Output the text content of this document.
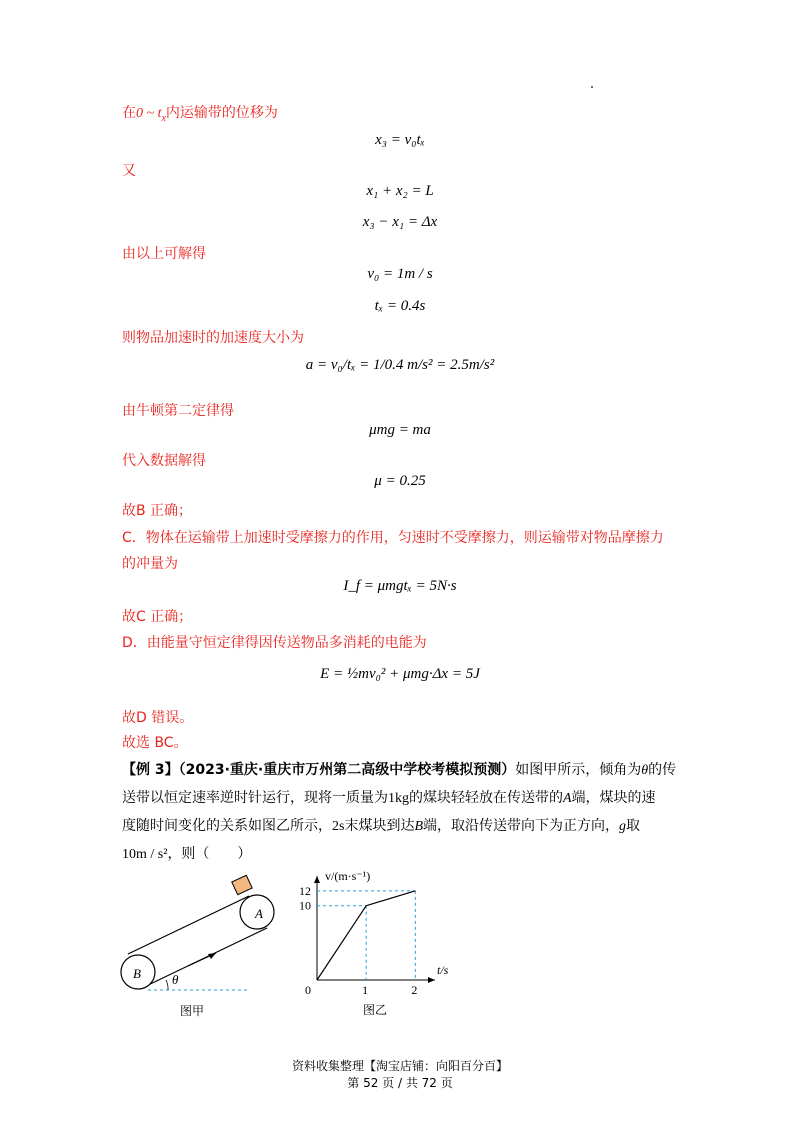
在0 ~ $t_x$内运输带的位移为
x₃ = v₀tₓ
又
x₁ + x₂ = L
x₃ − x₁ = Δx
由以上可解得
v₀ = 1m / s
tₓ = 0.4s
则物品加速时的加速度大小为
a = v₀/tₓ = 1/0.4 m/s² = 2.5m/s²
由牛顿第二定律得
μmg = ma
代入数据解得
μ = 0.25
故B 正确；
C．物体在运输带上加速时受摩擦力的作用，匀速时不受摩擦力，则运输带对物品摩擦力
的冲量为
I_f = μmgtₓ = 5N·s
故C 正确；
D．由能量守恒定律得因传送物品多消耗的电能为
E = ½mv₀² + μmg·Δx = 5J
故D 错误。
故选 BC。
【例 3】（2023·重庆·重庆市万州第二高级中学校考模拟预测）如图甲所示，倾角为θ的传
送带以恒定速率逆时针运行，现将一质量为1kg的煤块轻轻放在传送带的A端，煤块的速
度随时间变化的关系如图乙所示，2s末煤块到达B端，取沿传送带向下为正方向，g取
10m / s²，则（　　）
A
B θ
图甲
v/(m·s⁻¹)
t/s
0	1	2
10
12
图乙
资料收集整理【淘宝店铺：向阳百分百】
第 52 页 / 共 72 页
